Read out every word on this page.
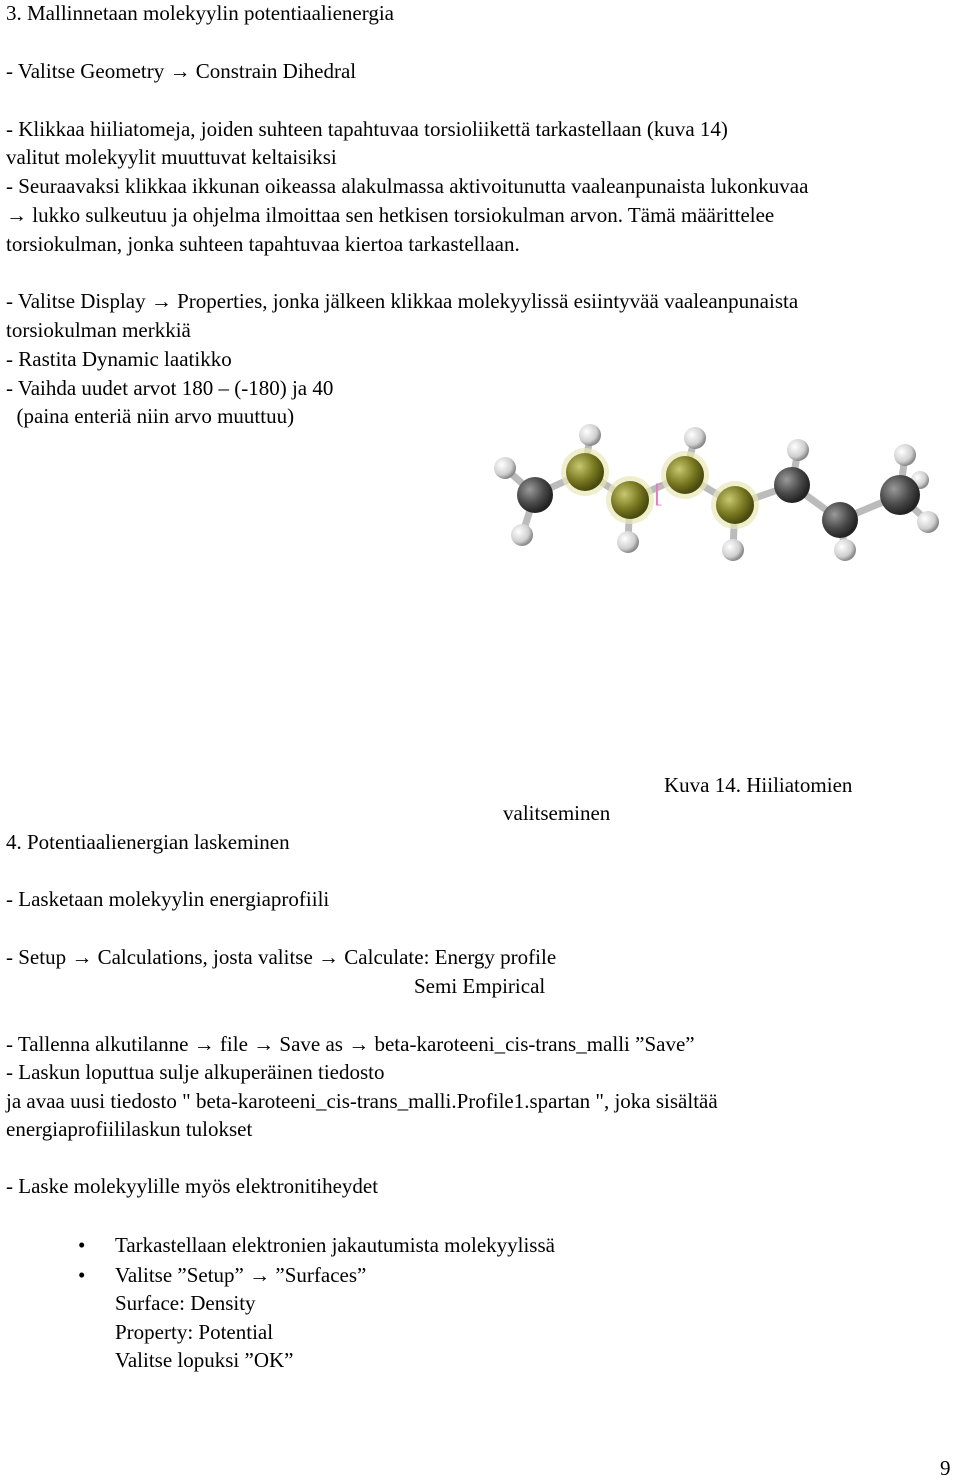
3. Mallinnetaan molekyylin potentiaalienergia
- Valitse Geometry → Constrain Dihedral
- Klikkaa hiiliatomeja, joiden suhteen tapahtuvaa torsioliikettä tarkastellaan (kuva 14)
valitut molekyylit muuttuvat keltaisiksi
- Seuraavaksi klikkaa ikkunan oikeassa alakulmassa aktivoitunutta vaaleanpunaista lukonkuvaa
→ lukko sulkeutuu ja ohjelma ilmoittaa sen hetkisen torsiokulman arvon. Tämä määrittelee
torsiokulman, jonka suhteen tapahtuvaa kiertoa tarkastellaan.
- Valitse Display → Properties, jonka jälkeen klikkaa molekyylissä esiintyvää vaaleanpunaista
torsiokulman merkkiä
- Rastita Dynamic laatikko
- Vaihda uudet arvot 180 – (-180) ja 40
(paina enteriä niin arvo muuttuu)
[
Kuva 14. Hiiliatomien
valitseminen
4. Potentiaalienergian laskeminen
- Lasketaan molekyylin energiaprofiili
- Setup → Calculations, josta valitse → Calculate: Energy profile
Semi Empirical
- Tallenna alkutilanne → file → Save as → beta-karoteeni_cis-trans_malli ”Save”
- Laskun loputtua sulje alkuperäinen tiedosto
ja avaa uusi tiedosto " beta-karoteeni_cis-trans_malli.Profile1.spartan ", joka sisältää
energiaprofiililaskun tulokset
- Laske molekyylille myös elektronitiheydet
• Tarkastellaan elektronien jakautumista molekyylissä
• Valitse ”Setup” → ”Surfaces”
Surface: Density
Property: Potential
Valitse lopuksi ”OK”
9
